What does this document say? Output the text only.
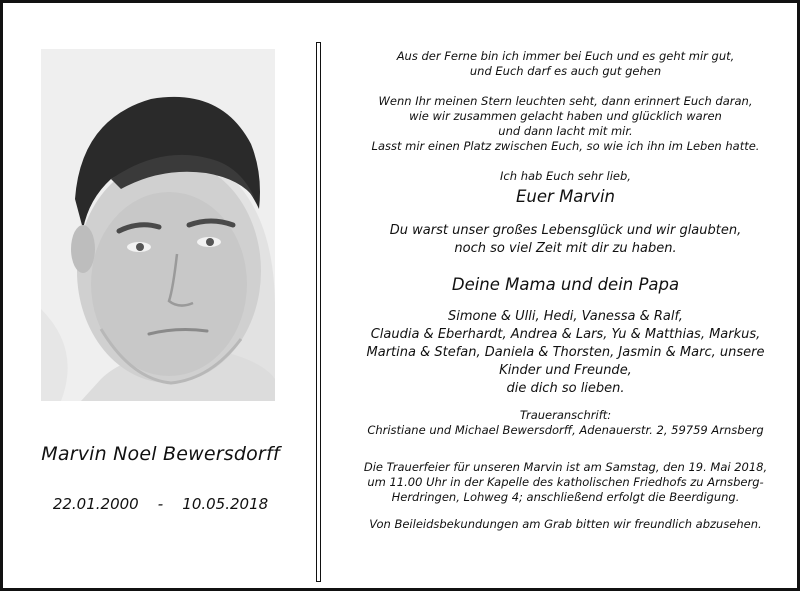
Marvin Noel Bewersdorff
22.01.2000    -    10.05.2018

Aus der Ferne bin ich immer bei Euch und es geht mir gut,

und Euch darf es auch gut gehen

Wenn Ihr meinen Stern leuchten seht, dann erinnert Euch daran,

wie wir zusammen gelacht haben und glücklich waren

und dann lacht mit mir.

Lasst mir einen Platz zwischen Euch, so wie ich ihn im Leben hatte.

Ich hab Euch sehr lieb,

Euer Marvin

Du warst unser großes Lebensglück und wir glaubten,

noch so viel Zeit mit dir zu haben.

Deine Mama und dein Papa

Simone & Ulli, Hedi, Vanessa & Ralf,

Claudia & Eberhardt, Andrea & Lars, Yu & Matthias, Markus,

Martina & Stefan, Daniela & Thorsten, Jasmin & Marc, unsere

Kinder und Freunde,

die dich so lieben.

Traueranschrift:

Christiane und Michael Bewersdorff, Adenauerstr. 2, 59759 Arnsberg

Die Trauerfeier für unseren Marvin ist am Samstag, den 19. Mai 2018,

um 11.00 Uhr in der Kapelle des katholischen Friedhofs zu Arnsberg-

Herdringen, Lohweg 4; anschließend erfolgt die Beerdigung.

Von Beileidsbekundungen am Grab bitten wir freundlich abzusehen.
